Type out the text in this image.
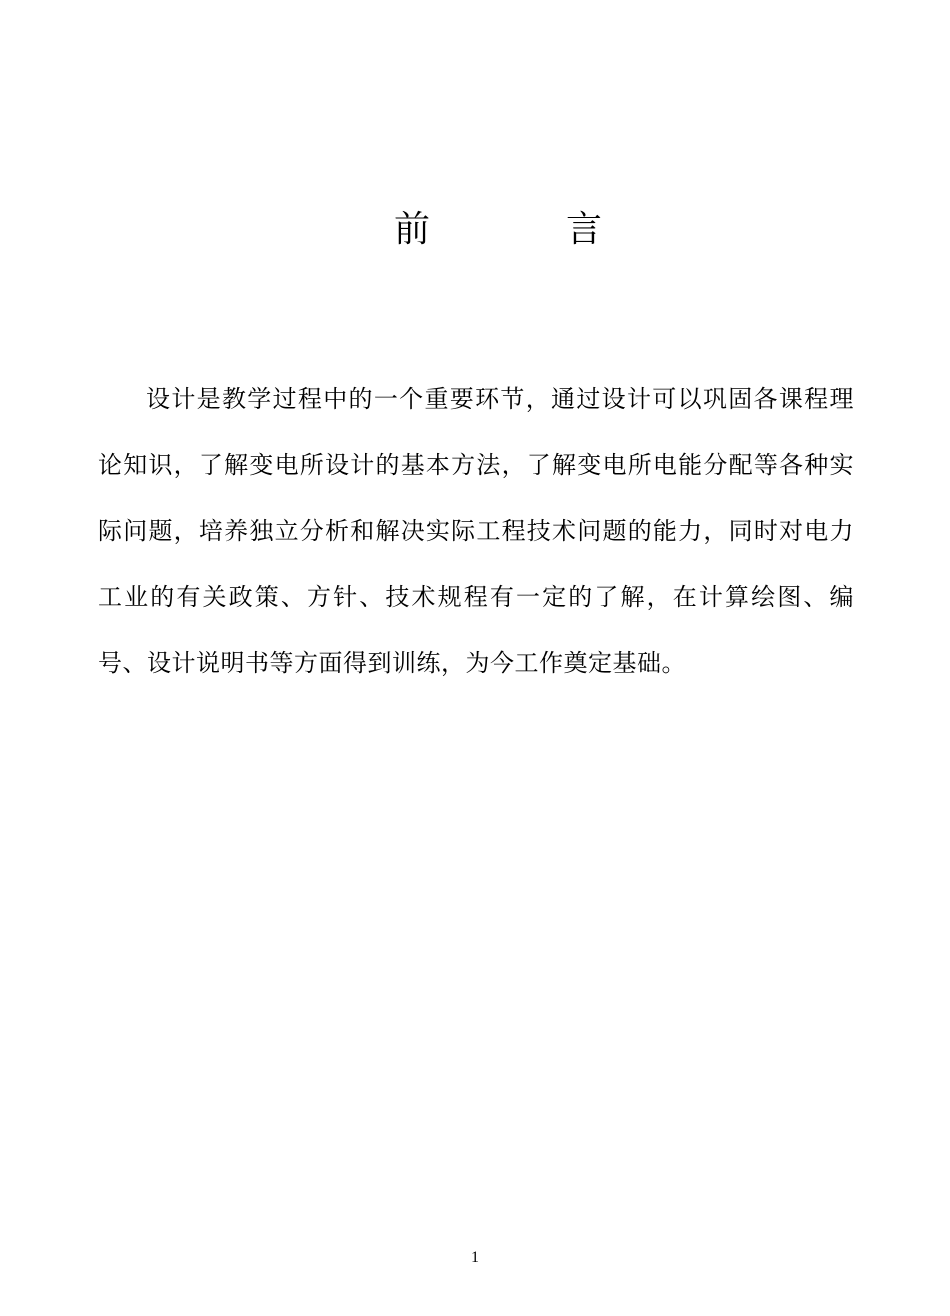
前	言

设计是教学过程中的一个重要环节，通过设计可以巩固各课程理论知识，了解变电所设计的基本方法，了解变电所电能分配等各种实际问题，培养独立分析和解决实际工程技术问题的能力，同时对电力工业的有关政策、方针、技术规程有一定的了解，在计算绘图、编号、设计说明书等方面得到训练，为今工作奠定基础。

1
